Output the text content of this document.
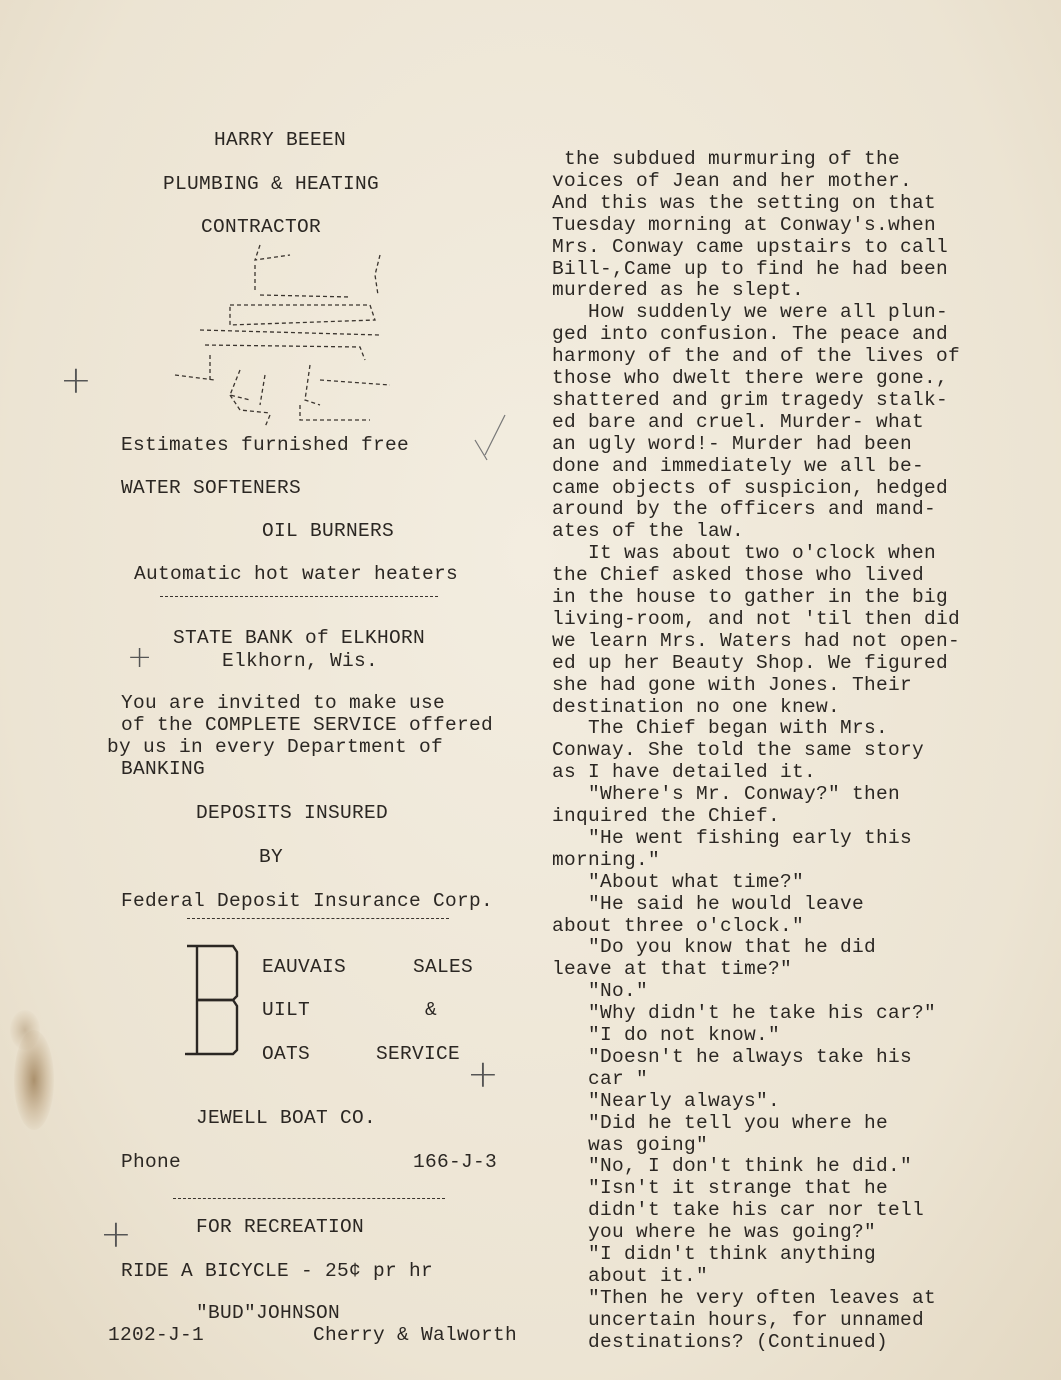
HARRY BEEEN
PLUMBING & HEATING
CONTRACTOR
Estimates furnished free
WATER SOFTENERS
OIL BURNERS
Automatic hot water heaters
STATE BANK of ELKHORN
Elkhorn, Wis.
You are invited to make use
of the COMPLETE SERVICE offered
by us in every Department of
BANKING
DEPOSITS INSURED
BY
Federal Deposit Insurance Corp.
EAUVAIS
UILT
OATS
SALES
&
SERVICE
JEWELL BOAT CO.
Phone	166-J-3
FOR RECREATION
RIDE A BICYCLE - 25¢ pr hr
"BUD"JOHNSON
1202-J-1	Cherry & Walworth
+
+
+
+
the subdued murmuring of the
voices of Jean and her mother.
And this was the setting on that
Tuesday morning at Conway's.when
Mrs. Conway came upstairs to call
Bill-,Came up to find he had been
murdered as he slept.
How suddenly we were all plun-
ged into confusion. The peace and
harmony of the and of the lives of
those who dwelt there were gone.,
shattered and grim tragedy stalk-
ed bare and cruel. Murder- what
an ugly word!- Murder had been
done and immediately we all be-
came objects of suspicion, hedged
around by the officers and mand-
ates of the law.
It was about two o'clock when
the Chief asked those who lived
in the house to gather in the big
living-room, and not 'til then did
we learn Mrs. Waters had not open-
ed up her Beauty Shop. We figured
she had gone with Jones. Their
destination no one knew.
The Chief began with Mrs.
Conway. She told the same story
as I have detailed it.
"Where's Mr. Conway?" then
inquired the Chief.
"He went fishing early this
morning."
"About what time?"
"He said he would leave
about three o'clock."
"Do you know that he did
leave at that time?"
"No."
"Why didn't he take his car?"
"I do not know."
"Doesn't he always take his
car "
"Nearly always".
"Did he tell you where he
was going"
"No, I don't think he did."
"Isn't it strange that he
didn't take his car nor tell
you where he was going?"
"I didn't think anything
about it."
"Then he very often leaves at
uncertain hours, for unnamed
destinations? (Continued)
